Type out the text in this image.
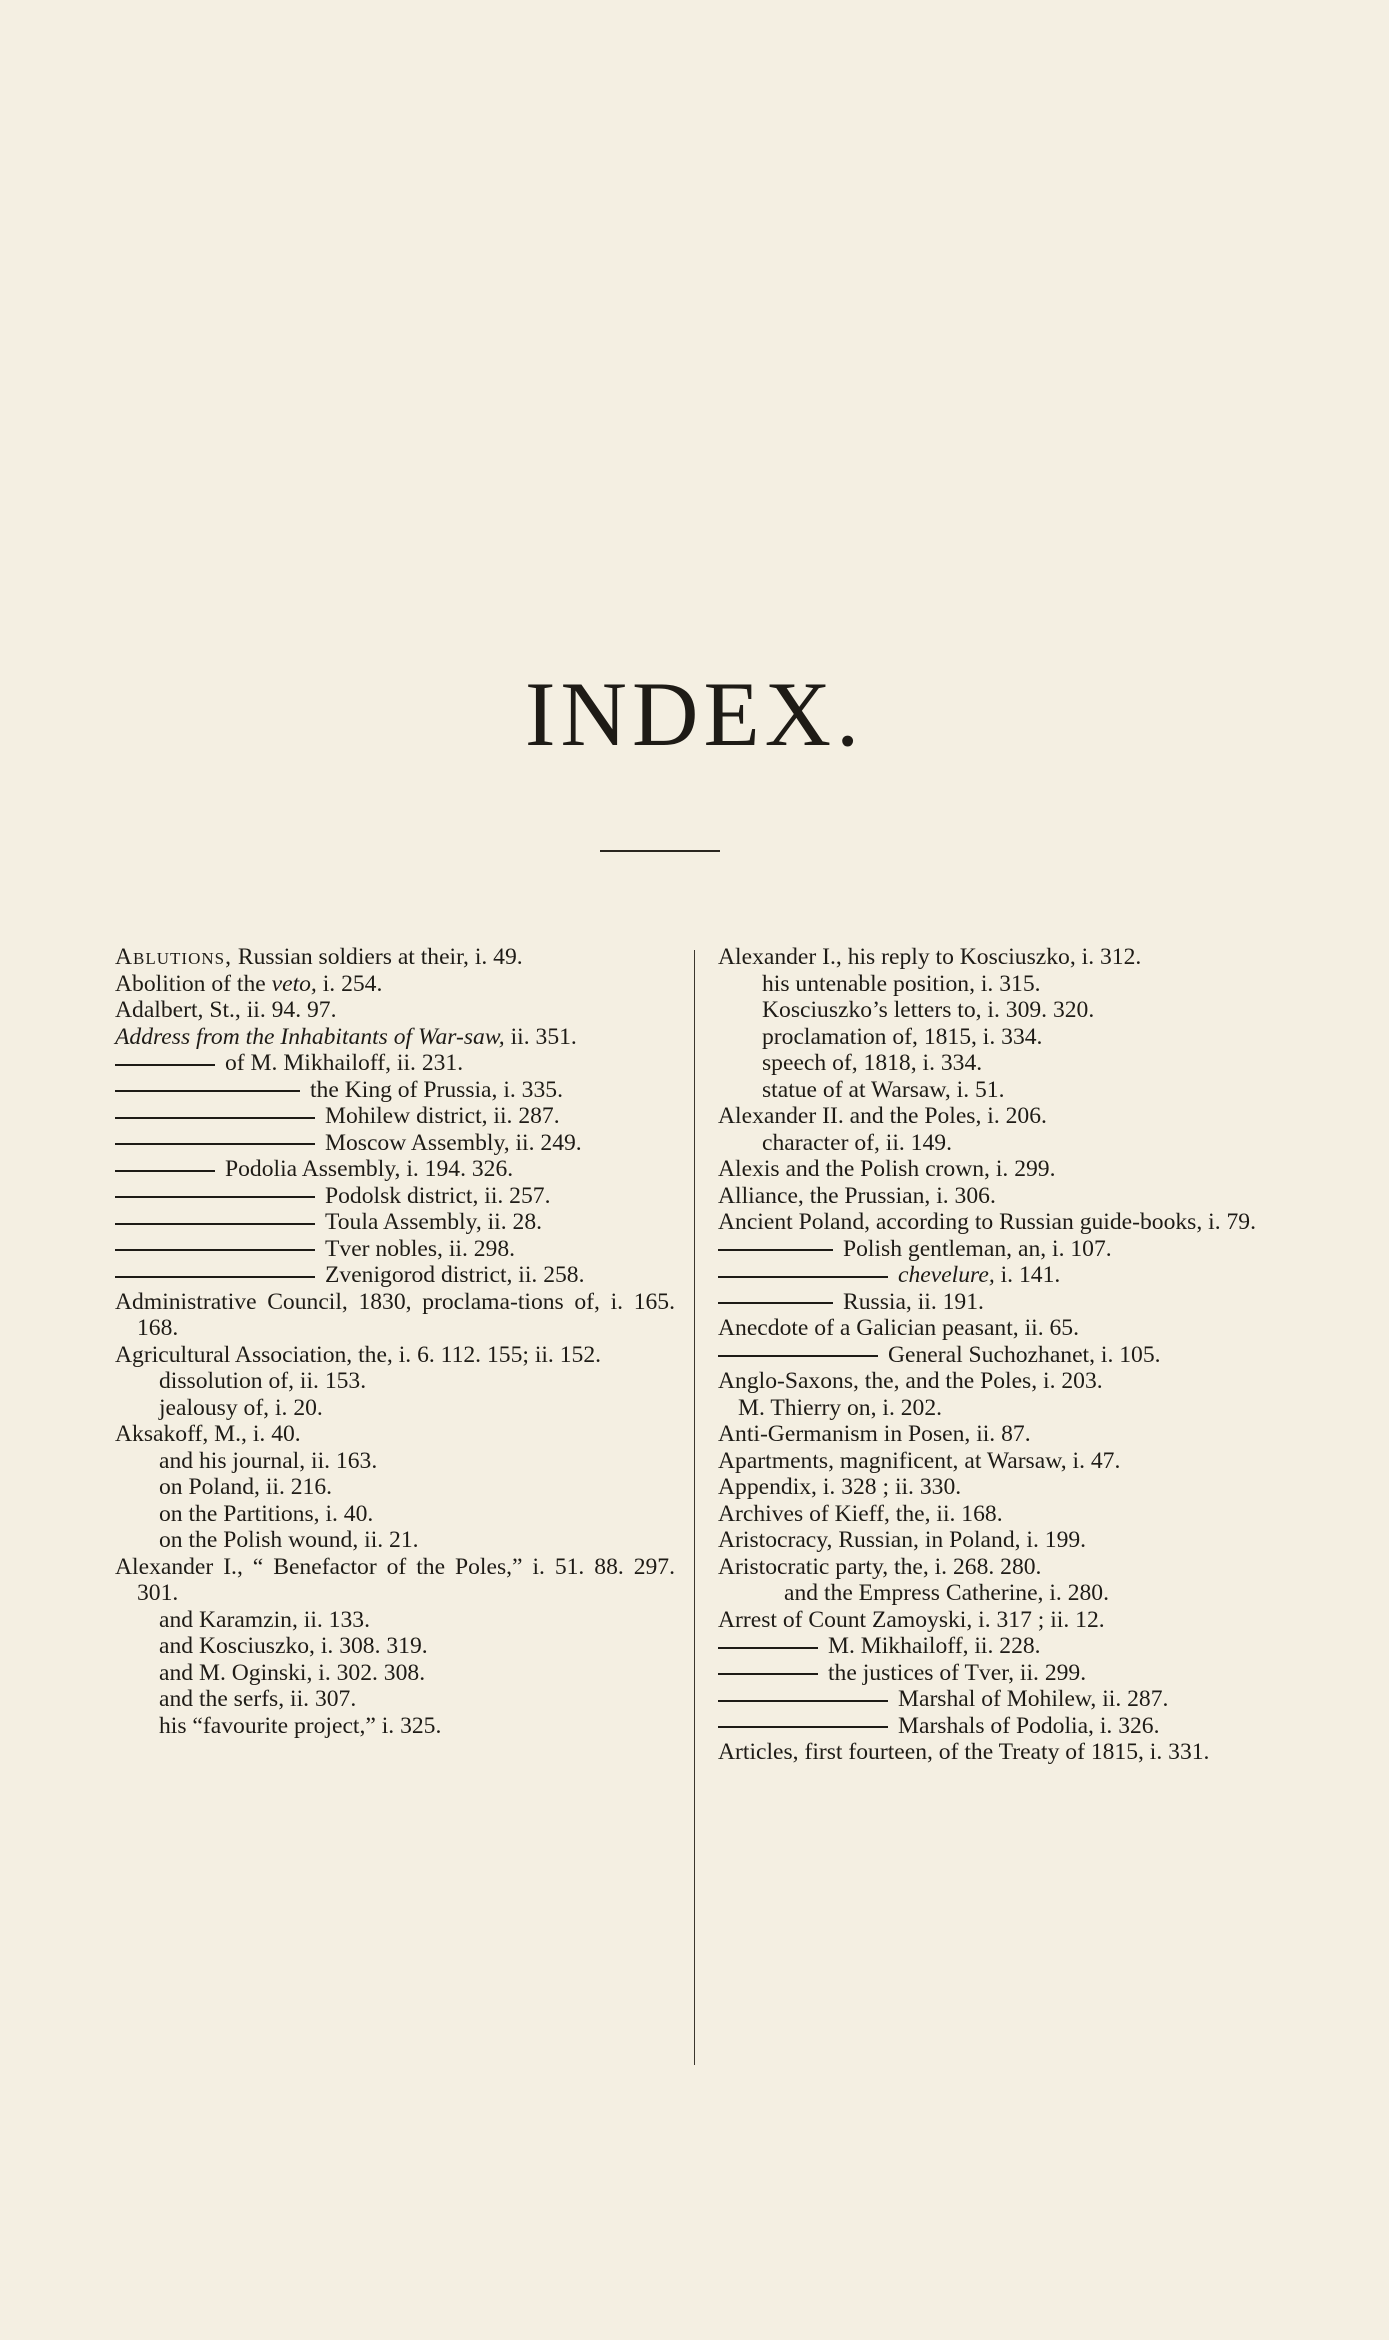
INDEX.

Ablutions, Russian soldiers at their, i. 49.

Abolition of the veto, i. 254.

Adalbert, St., ii. 94. 97.

Address from the Inhabitants of War-saw, ii. 351.

of M. Mikhailoff, ii. 231.

the King of Prussia, i. 335.

Mohilew district, ii. 287.

Moscow Assembly, ii. 249.

Podolia Assembly, i. 194. 326.

Podolsk district, ii. 257.

Toula Assembly, ii. 28.

Tver nobles, ii. 298.

Zvenigorod district, ii. 258.

Administrative Council, 1830, proclama-tions of, i. 165. 168.

Agricultural Association, the, i. 6. 112. 155; ii. 152.

dissolution of, ii. 153.

jealousy of, i. 20.

Aksakoff, M., i. 40.

and his journal, ii. 163.

on Poland, ii. 216.

on the Partitions, i. 40.

on the Polish wound, ii. 21.

Alexander I., “ Benefactor of the Poles,” i. 51. 88. 297. 301.

and Karamzin, ii. 133.

and Kosciuszko, i. 308. 319.

and M. Oginski, i. 302. 308.

and the serfs, ii. 307.

his “favourite project,” i. 325.

Alexander I., his reply to Kosciuszko, i. 312.

his untenable position, i. 315.

Kosciuszko’s letters to, i. 309. 320.

proclamation of, 1815, i. 334.

speech of, 1818, i. 334.

statue of at Warsaw, i. 51.

Alexander II. and the Poles, i. 206.

character of, ii. 149.

Alexis and the Polish crown, i. 299.

Alliance, the Prussian, i. 306.

Ancient Poland, according to Russian guide-books, i. 79.

Polish gentleman, an, i. 107.

chevelure, i. 141.

Russia, ii. 191.

Anecdote of a Galician peasant, ii. 65.

General Suchozhanet, i. 105.

Anglo-Saxons, the, and the Poles, i. 203.

M. Thierry on, i. 202.

Anti-Germanism in Posen, ii. 87.

Apartments, magnificent, at Warsaw, i. 47.

Appendix, i. 328 ; ii. 330.

Archives of Kieff, the, ii. 168.

Aristocracy, Russian, in Poland, i. 199.

Aristocratic party, the, i. 268. 280.

and the Empress Catherine, i. 280.

Arrest of Count Zamoyski, i. 317 ; ii. 12.

M. Mikhailoff, ii. 228.

the justices of Tver, ii. 299.

Marshal of Mohilew, ii. 287.

Marshals of Podolia, i. 326.

Articles, first fourteen, of the Treaty of 1815, i. 331.
